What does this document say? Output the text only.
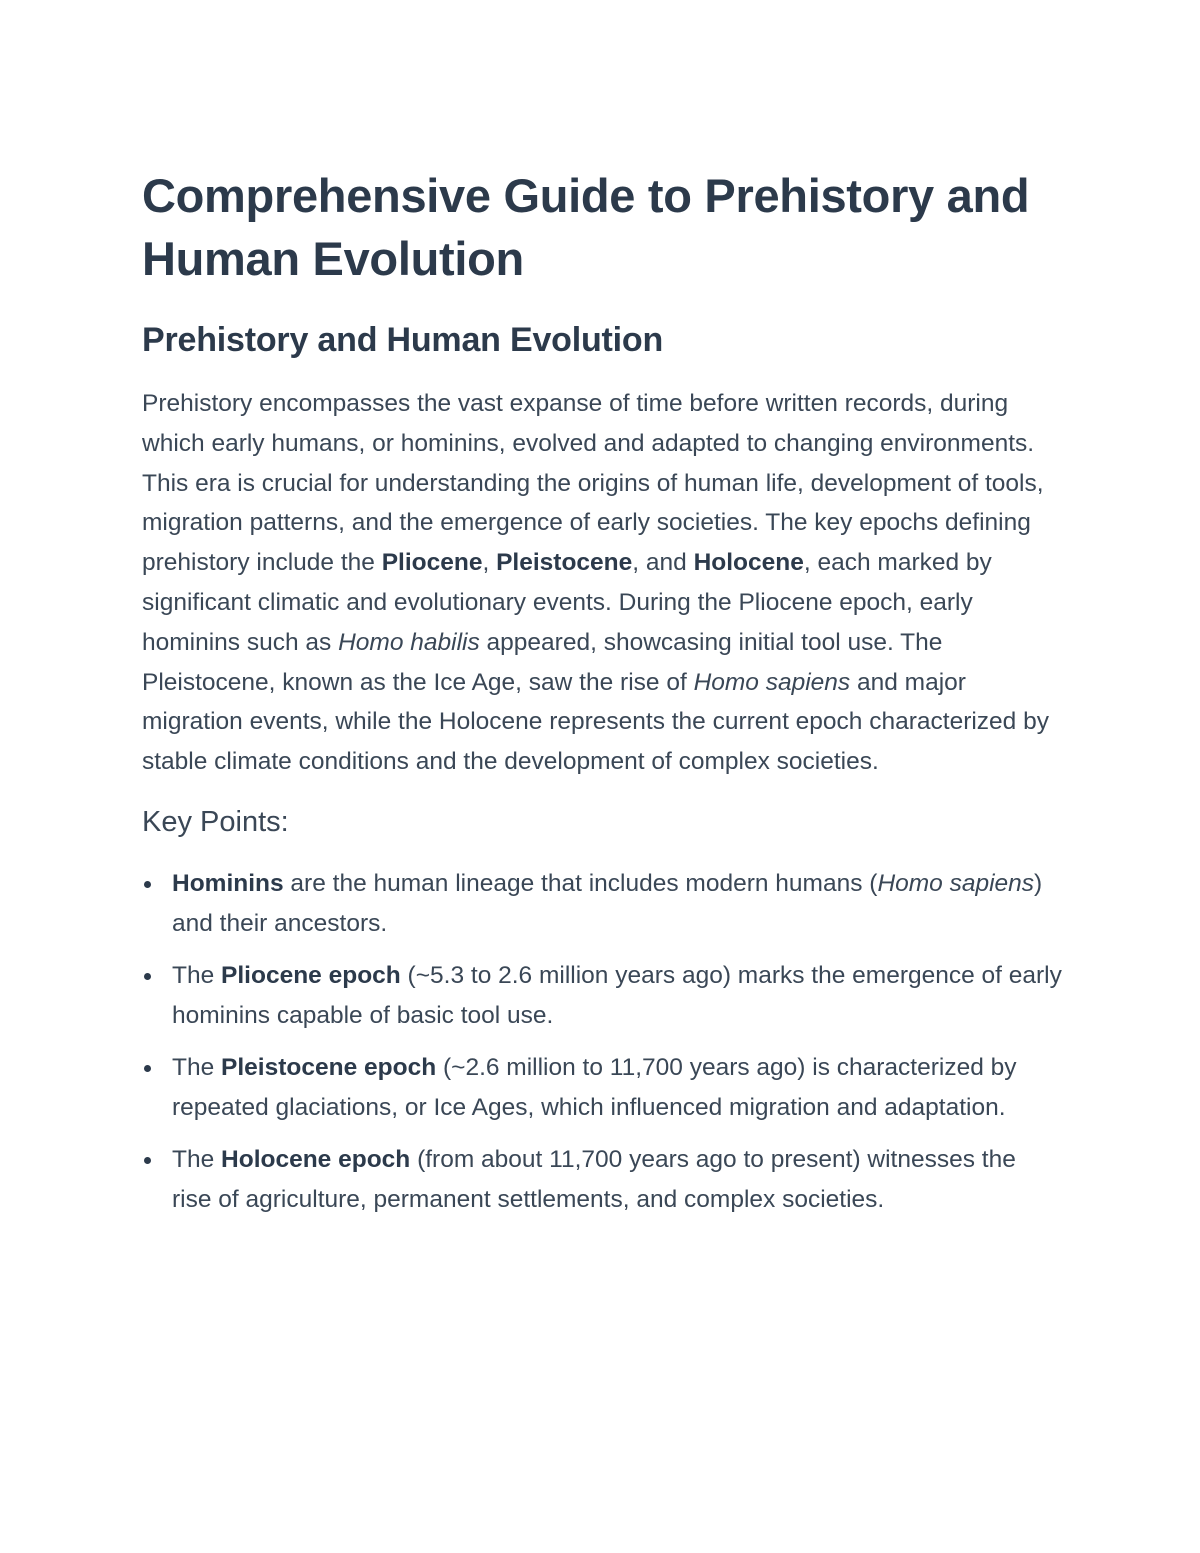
Comprehensive Guide to Prehistory and Human Evolution
Prehistory and Human Evolution

Prehistory encompasses the vast expanse of time before written records, during which early humans, or hominins, evolved and adapted to changing environments. This era is crucial for understanding the origins of human life, development of tools, migration patterns, and the emergence of early societies. The key epochs defining prehistory include the Pliocene, Pleistocene, and Holocene, each marked by significant climatic and evolutionary events. During the Pliocene epoch, early hominins such as Homo habilis appeared, showcasing initial tool use. The Pleistocene, known as the Ice Age, saw the rise of Homo sapiens and major migration events, while the Holocene represents the current epoch characterized by stable climate conditions and the development of complex societies.

Key Points:
Hominins are the human lineage that includes modern humans (Homo sapiens) and their ancestors.
The Pliocene epoch (~5.3 to 2.6 million years ago) marks the emergence of early hominins capable of basic tool use.
The Pleistocene epoch (~2.6 million to 11,700 years ago) is characterized by repeated glaciations, or Ice Ages, which influenced migration and adaptation.
The Holocene epoch (from about 11,700 years ago to present) witnesses the rise of agriculture, permanent settlements, and complex societies.
